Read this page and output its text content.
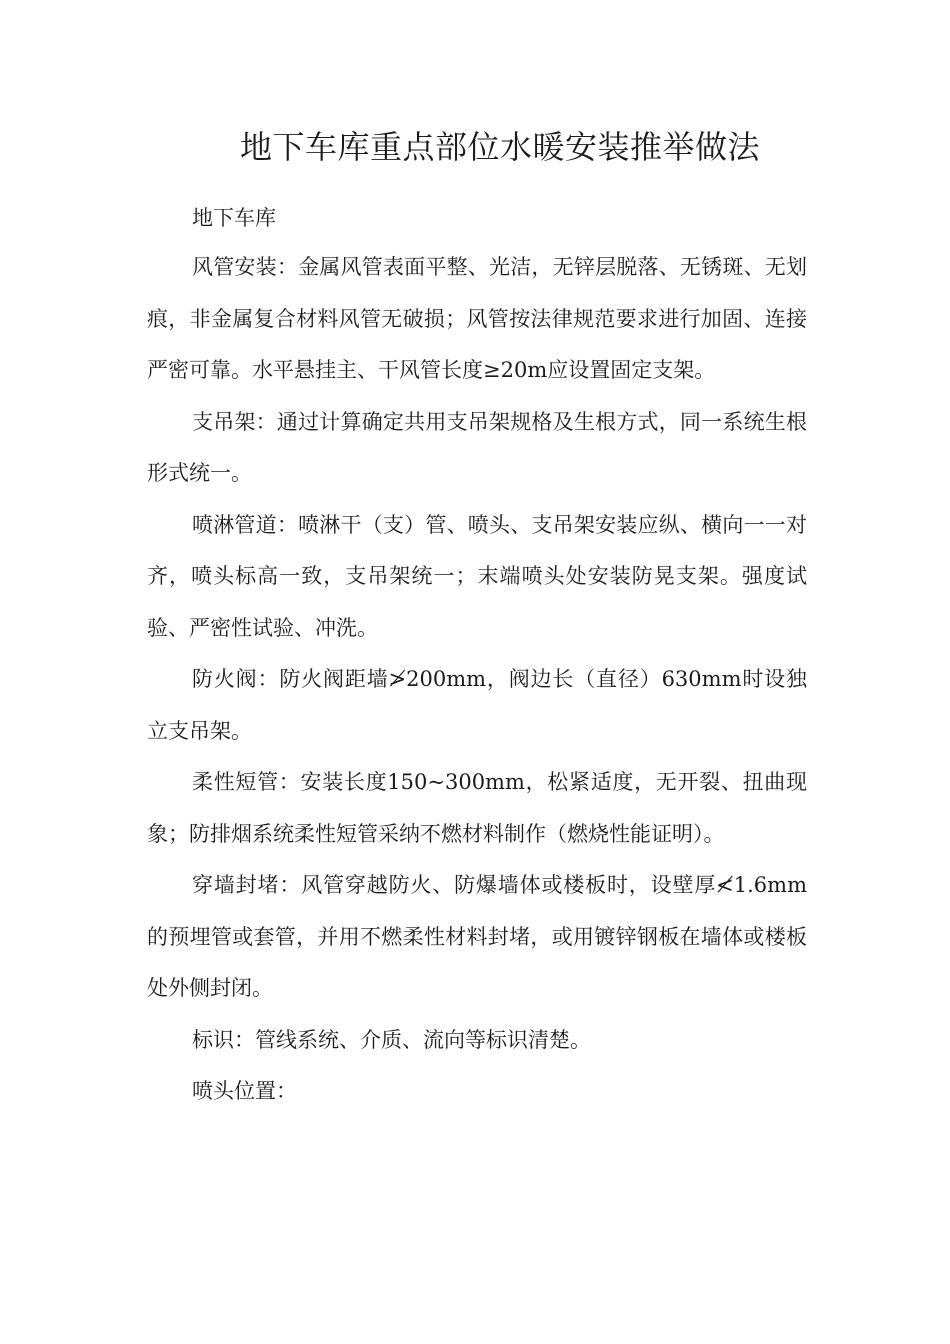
地下车库重点部位水暖安装推举做法
地下车库

风管安装：金属风管表面平整、光洁，无锌层脱落、无锈斑、无划痕，非金属复合材料风管无破损；风管按法律规范要求进行加固、连接严密可靠。水平悬挂主、干风管长度≥20m应设置固定支架。

支吊架：通过计算确定共用支吊架规格及生根方式，同一系统生根形式统一。

喷淋管道：喷淋干（支）管、喷头、支吊架安装应纵、横向一一对齐，喷头标高一致，支吊架统一；末端喷头处安装防晃支架。强度试验、严密性试验、冲洗。

防火阀：防火阀距墙≯200mm，阀边长（直径）630mm时设独立支吊架。

柔性短管：安装长度150~300mm，松紧适度，无开裂、扭曲现象；防排烟系统柔性短管采纳不燃材料制作（燃烧性能证明）。

穿墙封堵：风管穿越防火、防爆墙体或楼板时，设壁厚≮1.6mm的预埋管或套管，并用不燃柔性材料封堵，或用镀锌钢板在墙体或楼板处外侧封闭。

标识：管线系统、介质、流向等标识清楚。

喷头位置：
